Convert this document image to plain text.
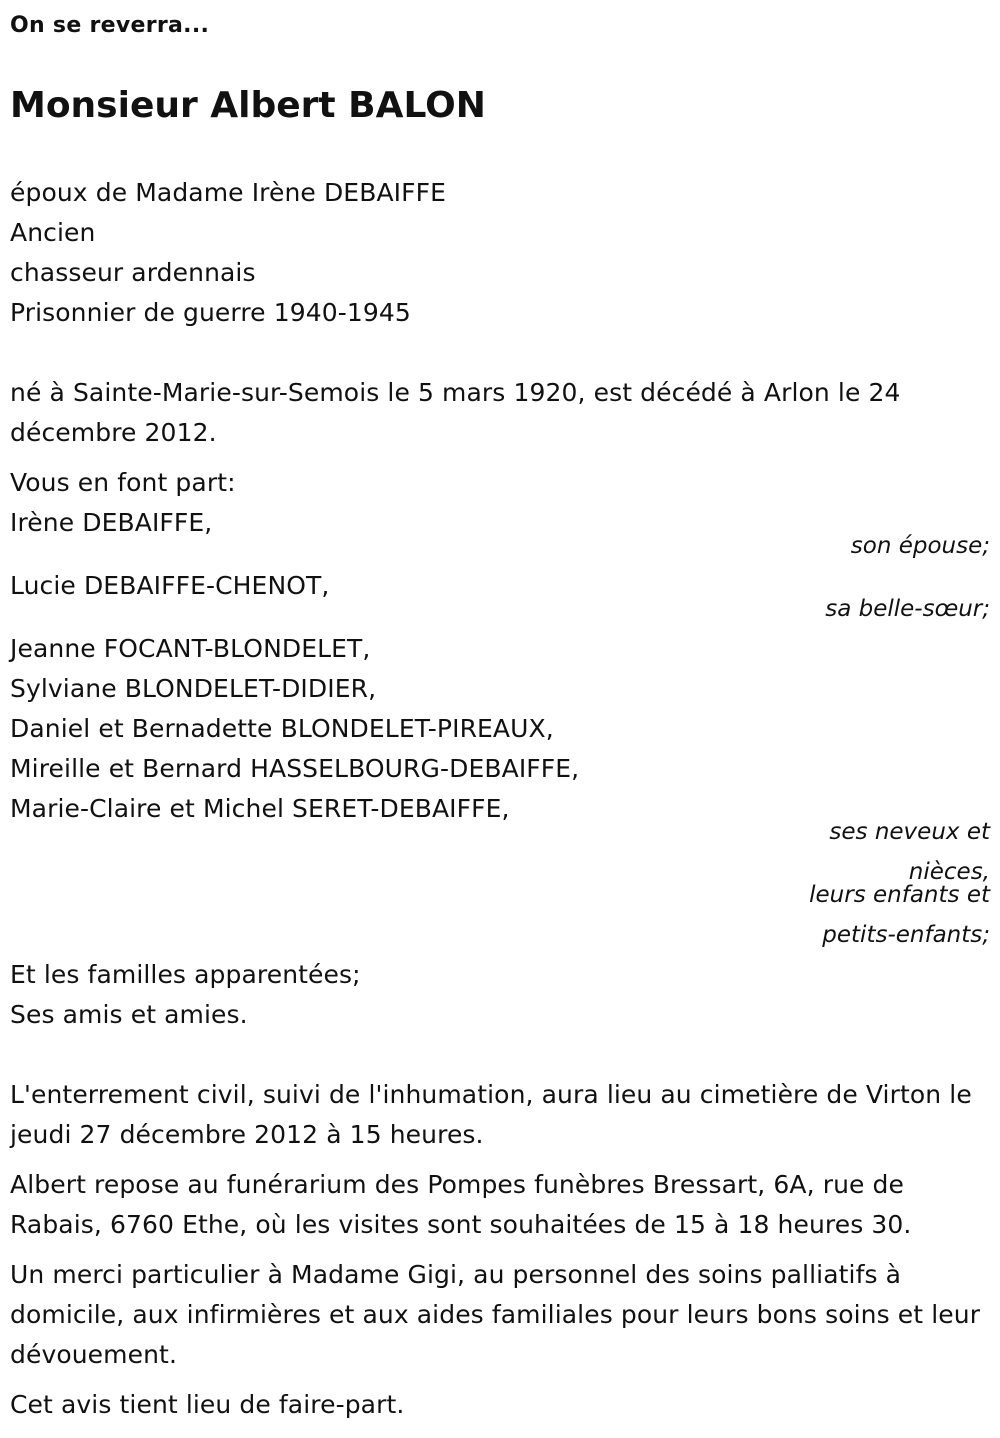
On se reverra...
Monsieur Albert BALON
époux de Madame Irène DEBAIFFE
Ancien
chasseur ardennais
Prisonnier de guerre 1940-1945
né à Sainte-Marie-sur-Semois le 5 mars 1920, est décédé à Arlon le 24 décembre 2012.
Vous en font part:
Irène DEBAIFFE,
son épouse;
Lucie DEBAIFFE-CHENOT,
sa belle-sœur;
Jeanne FOCANT-BLONDELET,
Sylviane BLONDELET-DIDIER,
Daniel et Bernadette BLONDELET-PIREAUX,
Mireille et Bernard HASSELBOURG-DEBAIFFE,
Marie-Claire et Michel SERET-DEBAIFFE,
ses neveux et nièces,
leurs enfants et petits-enfants;
Et les familles apparentées;
Ses amis et amies.
L'enterrement civil, suivi de l'inhumation, aura lieu au cimetière de Virton le jeudi 27 décembre 2012 à 15 heures.
Albert repose au funérarium des Pompes funèbres Bressart, 6A, rue de Rabais, 6760 Ethe, où les visites sont souhaitées de 15 à 18 heures 30.
Un merci particulier à Madame Gigi, au personnel des soins palliatifs à domicile, aux infirmières et aux aides familiales pour leurs bons soins et leur dévouement.
Cet avis tient lieu de faire-part.
